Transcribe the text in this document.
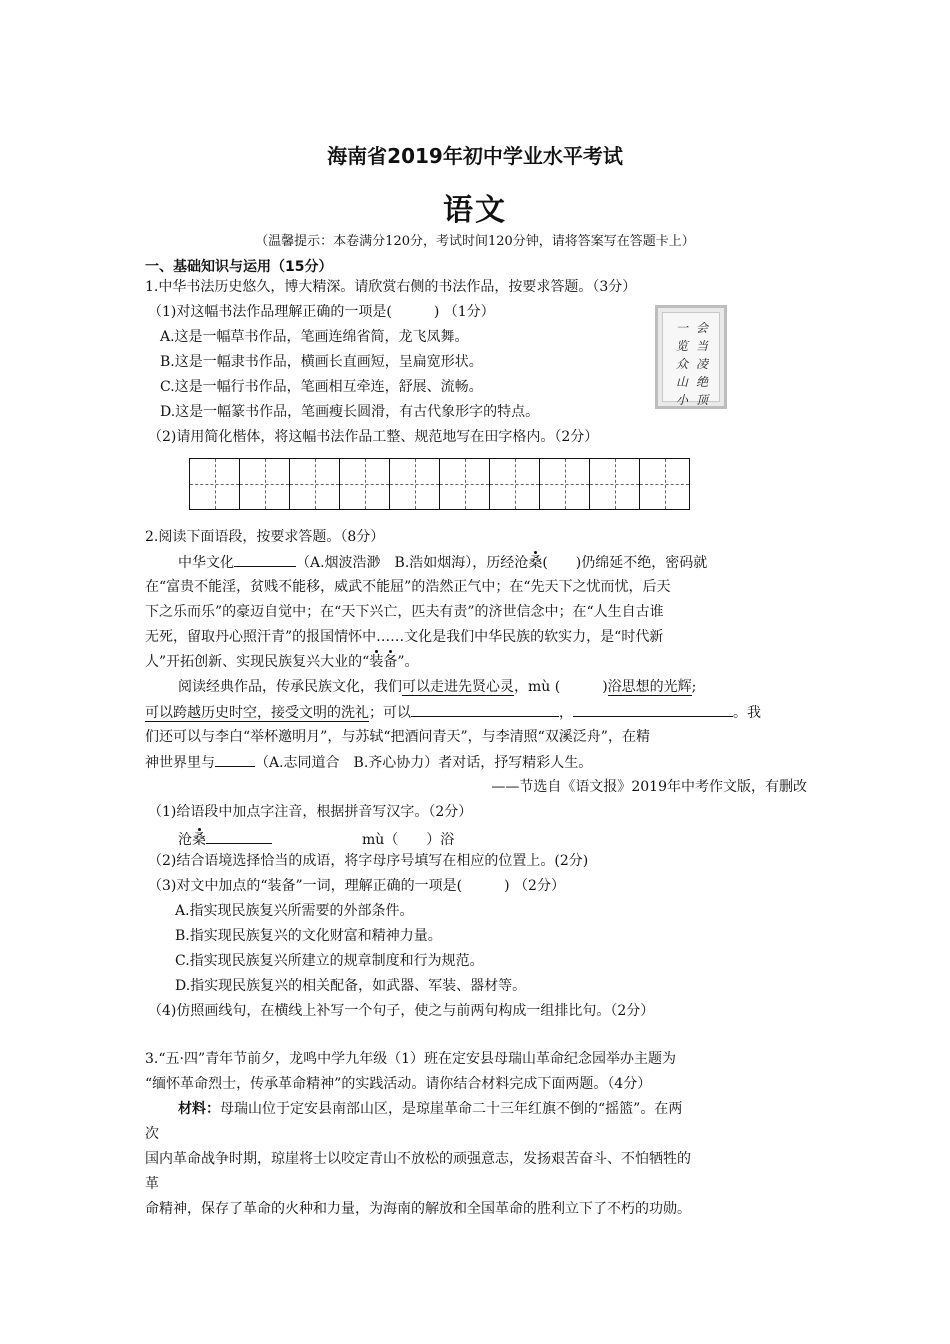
海南省2019年初中学业水平考试
语文
（温馨提示：本卷满分120分，考试时间120分钟，请将答案写在答题卡上）
一、基础知识与运用（15分）
1.中华书法历史悠久，博大精深。请欣赏右侧的书法作品，按要求答题。（3分）
（1)对这幅书法作品理解正确的一项是(　　　) （1分）
A.这是一幅草书作品，笔画连绵省简，龙飞凤舞。
B.这是一幅隶书作品，横画长直画短，呈扁宽形状。
C.这是一幅行书作品，笔画相互牵连，舒展、流畅。
D.这是一幅篆书作品，笔画瘦长圆滑，有古代象形字的特点。
（2)请用简化楷体，将这幅书法作品工整、规范地写在田字格内。（2分）
会当凌绝顶
一览众山小
2.阅读下面语段，按要求答题。（8分）
中华文化	（A.烟波浩渺　B.浩如烟海），历经沧桑(　　)仍绵延不绝，密码就
在“富贵不能淫，贫贱不能移，威武不能屈”的浩然正气中；在“先天下之忧而忧，后天
下之乐而乐”的豪迈自觉中；在“天下兴亡，匹夫有责”的济世信念中；在“人生自古谁
无死，留取丹心照汗青”的报国情怀中……文化是我们中华民族的软实力，是“时代新
人”开拓创新、实现民族复兴大业的“装备”。
阅读经典作品，传承民族文化，我们可以走进先贤心灵，mù (　　　)浴思想的光辉;
可以跨越历史时空，接受文明的洗礼；可以	，	。我
们还可以与李白“举杯邀明月”，与苏轼“把酒问青天”，与李清照“双溪泛舟”，在精
神世界里与	（A.志同道合　B.齐心协力）者对话，抒写精彩人生。
——节选自《语文报》2019年中考作文版，有删改
（1)给语段中加点字注音，根据拼音写汉字。（2分）
沧桑	mù（　　）浴
（2)结合语境选择恰当的成语，将字母序号填写在相应的位置上。(2分)
（3)对文中加点的“装备”一词，理解正确的一项是(　　　) （2分）
A.指实现民族复兴所需要的外部条件。
B.指实现民族复兴的文化财富和精神力量。
C.指实现民族复兴所建立的规章制度和行为规范。
D.指实现民族复兴的相关配备，如武器、军装、器材等。
（4)仿照画线句，在横线上补写一个句子，使之与前两句构成一组排比句。（2分）
3.“五·四”青年节前夕，龙鸣中学九年级（1）班在定安县母瑞山革命纪念园举办主题为
“缅怀革命烈士，传承革命精神”的实践活动。请你结合材料完成下面两题。（4分）
材料：母瑞山位于定安县南部山区，是琼崖革命二十三年红旗不倒的“摇篮”。在两
次
国内革命战争时期，琼崖将士以咬定青山不放松的顽强意志，发扬艰苦奋斗、不怕牺牲的
革
命精神，保存了革命的火种和力量，为海南的解放和全国革命的胜利立下了不朽的功勋。
